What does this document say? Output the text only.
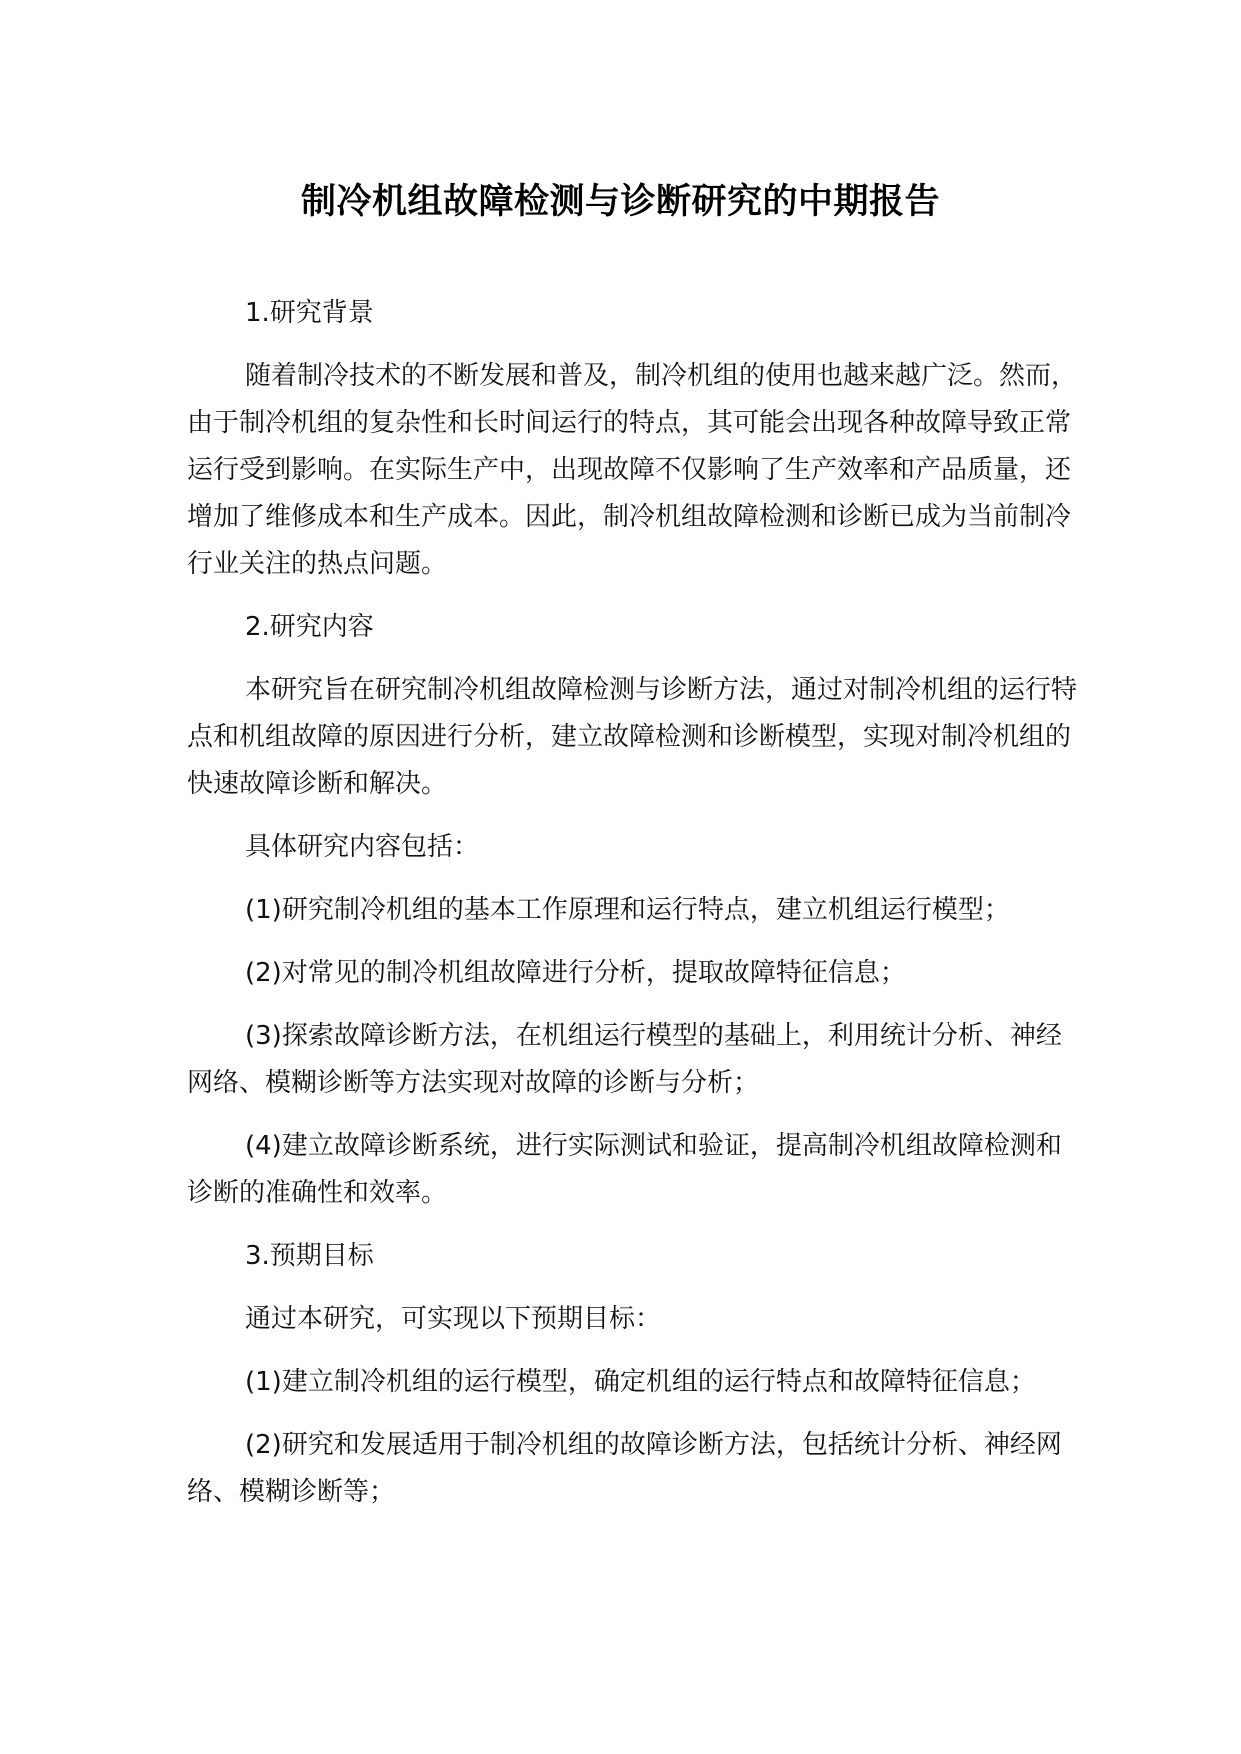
制冷机组故障检测与诊断研究的中期报告

1.研究背景

随着制冷技术的不断发展和普及，制冷机组的使用也越来越广泛。然而，由于制冷机组的复杂性和长时间运行的特点，其可能会出现各种故障导致正常运行受到影响。在实际生产中，出现故障不仅影响了生产效率和产品质量，还增加了维修成本和生产成本。因此，制冷机组故障检测和诊断已成为当前制冷行业关注的热点问题。

2.研究内容

本研究旨在研究制冷机组故障检测与诊断方法，通过对制冷机组的运行特点和机组故障的原因进行分析，建立故障检测和诊断模型，实现对制冷机组的快速故障诊断和解决。

具体研究内容包括：

(1)研究制冷机组的基本工作原理和运行特点，建立机组运行模型；

(2)对常见的制冷机组故障进行分析，提取故障特征信息；

(3)探索故障诊断方法，在机组运行模型的基础上，利用统计分析、神经网络、模糊诊断等方法实现对故障的诊断与分析；

(4)建立故障诊断系统，进行实际测试和验证，提高制冷机组故障检测和诊断的准确性和效率。

3.预期目标

通过本研究，可实现以下预期目标：

(1)建立制冷机组的运行模型，确定机组的运行特点和故障特征信息；

(2)研究和发展适用于制冷机组的故障诊断方法，包括统计分析、神经网络、模糊诊断等；
